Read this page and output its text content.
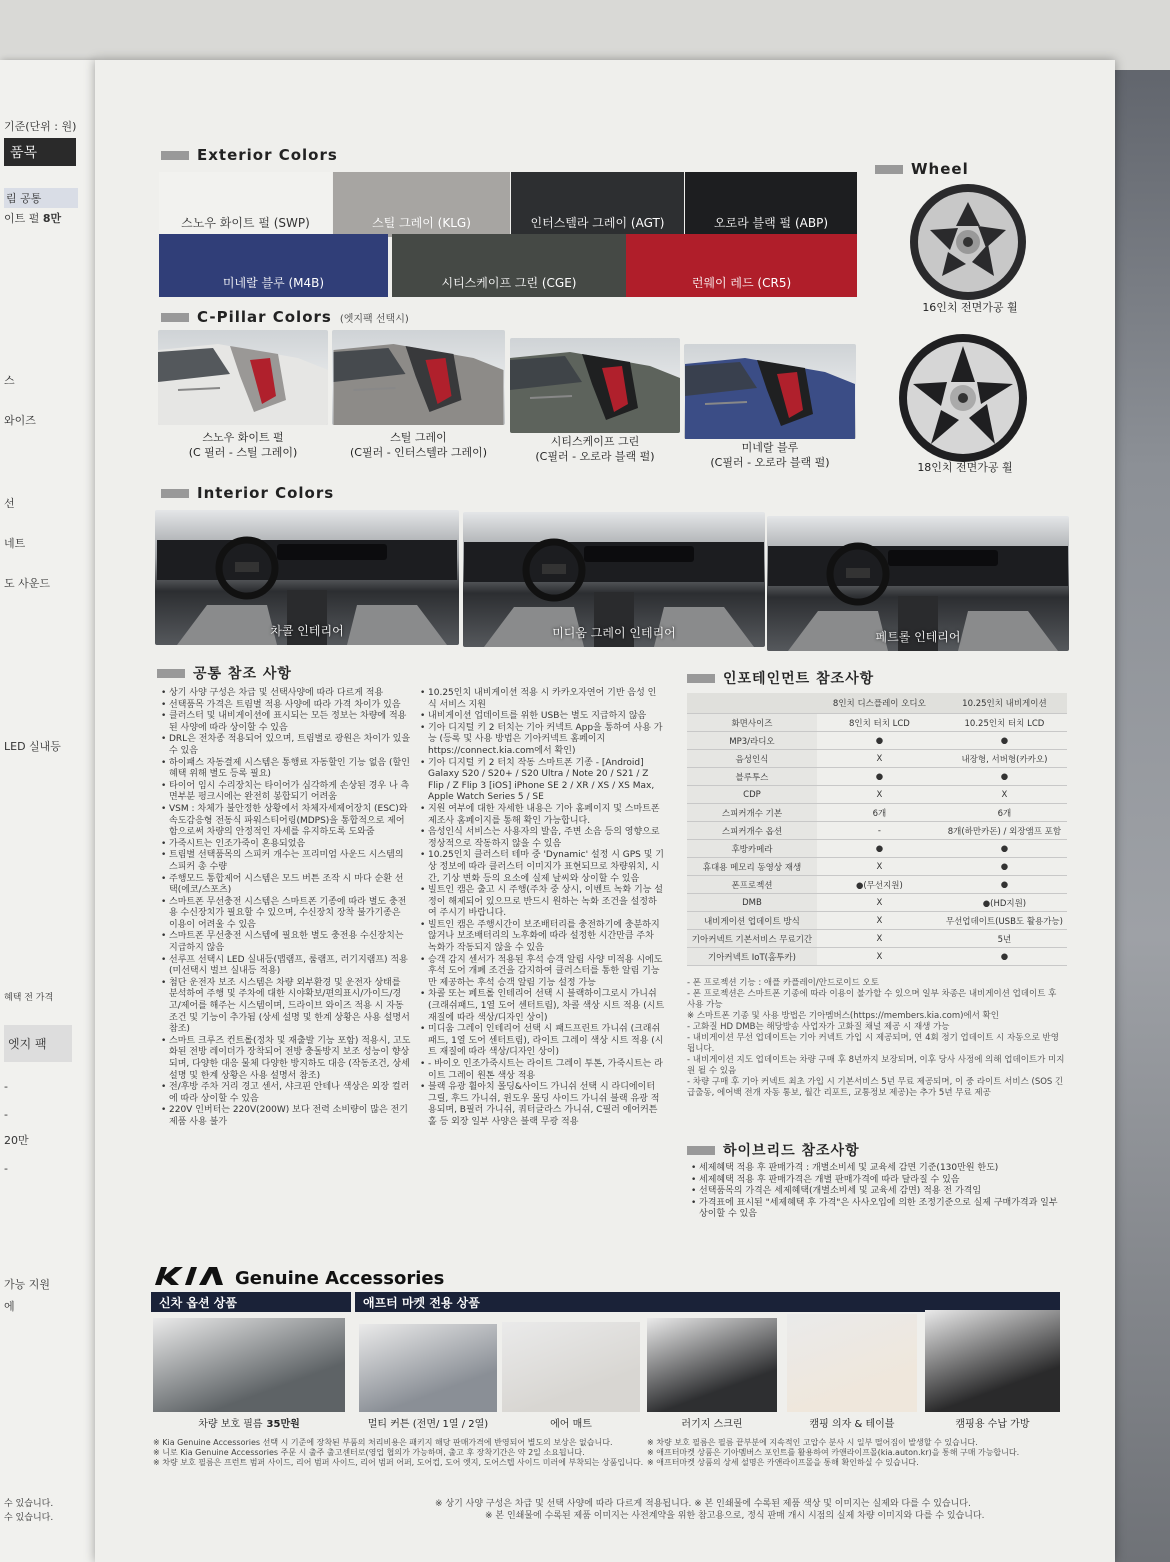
기준(단위 : 원)
품목
림 공통
이트 펄 8만
스
와이즈
선
네트
도 사운드
LED 실내등
혜택 전 가격
엣지 팩
-
-
20만
-
가능 지원
에
수 있습니다.
수 있습니다.
Exterior Colors
스노우 화이트 펄 (SWP)	스틸 그레이 (KLG)	인터스텔라 그레이 (AGT)	오로라 블랙 펄 (ABP)
미네랄 블루 (M4B)	시티스케이프 그린 (CGE)	런웨이 레드 (CR5)
Wheel
16인치 전면가공 휠
18인치 전면가공 휠
C-Pillar Colors (엣지팩 선택시)
스노우 화이트 펄
(C 필러 - 스틸 그레이)
스틸 그레이
(C필러 - 인터스텔라 그레이)
시티스케이프 그린
(C필러 - 오로라 블랙 펄)
미네랄 블루
(C필러 - 오로라 블랙 펄)
Interior Colors
차콜 인테리어	미디움 그레이 인테리어	페트롤 인테리어
공통 참조 사항
• 상기 사양 구성은 차급 및 선택사양에 따라 다르게 적용
• 선택품목 가격은 트림별 적용 사양에 따라 가격 차이가 있음
• 클러스터 및 내비게이션에 표시되는 모든 정보는 차량에 적용된 사양에 따라 상이할 수 있음
• DRL은 전차종 적용되어 있으며, 트림별로 광원은 차이가 있을 수 있음
• 하이패스 자동결제 시스템은 통행료 자동할인 기능 없음 (할인 혜택 위해 별도 등록 필요)
• 타이어 임시 수리장치는 타이어가 심각하게 손상된 경우 나 측면부분 펑크시에는 완전히 봉합되기 어려움
• VSM : 차체가 불안정한 상황에서 차체자세제어장치 (ESC)와 속도감응형 전동식 파워스티어링(MDPS)을 통합적으로 제어함으로써 차량의 안정적인 자세를 유지하도록 도와줌
• 가죽시트는 인조가죽이 혼용되었음
• 트림별 선택품목의 스피커 개수는 프리미엄 사운드 시스템의 스피커 총 수량
• 주행모드 통합제어 시스템은 모드 버튼 조작 시 마다 순환 선택(에코/스포츠)
• 스마트폰 무선충전 시스템은 스마트폰 기종에 따라 별도 충전용 수신장치가 필요할 수 있으며, 수신장치 장착 불가기종은 이용이 어려울 수 있음
• 스마트폰 무선충전 시스템에 필요한 별도 충전용 수신장치는 지급하지 않음
• 선루프 선택시 LED 실내등(맵램프, 룸램프, 러기지램프) 적용(미선택시 벌브 실내등 적용)
• 첨단 운전자 보조 시스템은 차량 외부환경 및 운전자 상태를 분석하여 주행 및 주차에 대한 시야확보/편의표시/가이드/경고/제어를 해주는 시스템이며, 드라이브 와이즈 적용 시 자동 조건 및 기능이 추가됨 (상세 설명 및 한계 상황은 사용 설명서 참조)
• 스마트 크루즈 컨트롤(정차 및 재출발 기능 포함) 적용시, 고도화된 전방 레이더가 장착되어 전방 충돌방지 보조 성능이 향상되며, 다양한 대응 물체 다양한 방지하도 대응 (작동조건, 상세 설명 및 한계 상황은 사용 설명서 참조)
• 전/후방 주차 거리 경고 센서, 샤크핀 안테나 색상은 외장 컬러에 따라 상이할 수 있음
• 220V 인버터는 220V(200W) 보다 전력 소비량이 많은 전기제품 사용 불가
• 10.25인치 내비게이션 적용 시 카카오자연어 기반 음성 인식 서비스 지원
• 내비게이션 업데이트를 위한 USB는 별도 지급하지 않음
• 기아 디지털 키 2 터치는 기아 커넥트 App을 통하여 사용 가능 (등록 및 사용 방법은 기아커넥트 홈페이지 https://connect.kia.com에서 확인)
• 기아 디지털 키 2 터치 작동 스마트폰 기종 - [Android] Galaxy S20 / S20+ / S20 Ultra / Note 20 / S21 / Z Flip / Z Flip 3 [iOS] iPhone SE 2 / XR / XS / XS Max, Apple Watch Series 5 / SE
• 지원 여부에 대한 자세한 내용은 기아 홈페이지 및 스마트폰 제조사 홈페이지를 통해 확인 가능합니다.
• 음성인식 서비스는 사용자의 발음, 주변 소음 등의 영향으로 정상적으로 작동하지 않을 수 있음
• 10.25인치 클러스터 테마 중 'Dynamic' 설정 시 GPS 및 기상 정보에 따라 클러스터 이미지가 표현되므로 차량위치, 시간, 기상 변화 등의 요소에 실제 날씨와 상이할 수 있음
• 빌트인 캠은 출고 시 주행(주차 중 상시, 이벤트 녹화 기능 설정이 해제되어 있으므로 반드시 원하는 녹화 조건을 설정하여 주시기 바랍니다.
• 빌트인 캠은 주행시간이 보조배터리를 충전하기에 충분하지 않거나 보조배터리의 노후화에 따라 설정한 시간만큼 주차 녹화가 작동되지 않을 수 있음
• 승객 감지 센서가 적용된 후석 승객 알림 사양 미적용 시에도 후석 도어 개폐 조건을 감지하여 클러스터를 통한 알림 기능만 제공하는 후석 승객 알림 기능 설정 가능
• 차콜 또는 페트롤 인테리어 선택 시 블랙하이그로시 가니쉬(크래쉬패드, 1열 도어 센터트림), 차콜 색상 시트 적용 (시트 재질에 따라 색상/디자인 상이)
• 미디움 그레이 인테리어 선택 시 패드프린트 가니쉬 (크래쉬패드, 1열 도어 센터트림), 라이트 그레이 색상 시트 적용 (시트 재질에 따라 색상/디자인 상이)
• - 바이오 인조가죽시트는 라이트 그레이 투톤, 가죽시트는 라이트 그레이 원톤 색상 적용
• 블랙 유광 휠아치 몰딩&사이드 가니쉬 선택 시 라디에이터 그릴, 후드 가니쉬, 윈도우 몰딩 사이드 가니쉬 블랙 유광 적용되며, B필러 가니쉬, 쿼터글라스 가니쉬, C필러 에어커튼 홀 등 외장 일부 사양은 블랙 무광 적용
인포테인먼트 참조사항
	8인치 디스플레이 오디오	10.25인치 내비게이션
화면사이즈	8인치 터치 LCD	10.25인치 터치 LCD
MP3/라디오	●	●
음성인식	X	내장형, 서버형(카카오)
블루투스	●	●
CDP	X	X
스피커개수 기본	6개	6개
스피커개수 옵션	-	8개(하만카돈) / 외장앰프 포함
후방카메라	●	●
휴대용 메모리 동영상 재생	X	●
폰프로젝션	●(무선지원)	●
DMB	X	●(HD지원)
내비게이션 업데이트 방식	X	무선업데이트(USB도 활용가능)
기아커넥트 기본서비스 무료기간	X	5년
기아커넥트 IoT(홈투카)	X	●
- 폰 프로젝션 기능 : 애플 카플레이/안드로이드 오토
- 폰 프로젝션은 스마트폰 기종에 따라 이용이 불가할 수 있으며 일부 차종은 내비게이션 업데이트 후 사용 가능
※ 스마트폰 기종 및 사용 방법은 기아멤버스(https://members.kia.com)에서 확인
- 고화질 HD DMB는 해당방송 사업자가 고화질 채널 제공 시 재생 가능
- 내비게이션 무선 업데이트는 기아 커넥트 가입 시 제공되며, 연 4회 정기 업데이트 시 자동으로 반영됩니다.
- 내비게이션 지도 업데이트는 차량 구매 후 8년까지 보장되며, 이후 당사 사정에 의해 업데이트가 미지원 될 수 있음
- 차량 구매 후 기아 커넥트 최초 가입 시 기본서비스 5년 무료 제공되며, 이 중 라이트 서비스 (SOS 긴급출동, 에어백 전개 자동 통보, 월간 리포트, 교통정보 제공)는 추가 5년 무료 제공
하이브리드 참조사항
• 세제혜택 적용 후 판매가격 : 개별소비세 및 교육세 감면 기준(130만원 한도)
• 세제혜택 적용 후 판매가격은 개별 판매가격에 따라 달라질 수 있음
• 선택품목의 가격은 세제혜택(개별소비세 및 교육세 감면) 적용 전 가격임
• 가격표에 표시된 "세제혜택 후 가격"은 사사오입에 의한 조정기준으로 실제 구매가격과 일부 상이할 수 있음
Genuine Accessories
신차 옵션 상품	애프터 마켓 전용 상품
차량 보호 필름 35만원	멀티 커튼 (전면/ 1열 / 2열)	에어 매트	러기지 스크린	캠핑 의자 & 테이블	캠핑용 수납 가방
※ Kia Genuine Accessories 선택 시 기준에 장착된 부품의 처리비용은 패키지 해당 판매가격에 반영되어 별도의 보상은 없습니다.
※ 니로 Kia Genuine Accessories 주문 시 출주 출고센터로(영업 협의가 가능하며, 출고 후 장착기간은 약 2일 소요됩니다.
※ 차량 보호 필름은 프런트 범퍼 사이드, 리어 범퍼 사이드, 리어 범퍼 어퍼, 도어컵, 도어 엣지, 도어스텝 사이드 미러에 부착되는 상품입니다.
※ 차량 보호 필름은 필름 끝부분에 지속적인 고압수 분사 시 일부 떨어짐이 발생할 수 있습니다.
※ 애프터마켓 상품은 기아멤버스 포인트를 활용하여 카앤라이프몰(kia.auton.kr)을 통해 구매 가능합니다.
※ 애프터마켓 상품의 상세 설명은 카앤라이프몰을 통해 확인하실 수 있습니다.
※ 상기 사양 구성은 차급 및 선택 사양에 따라 다르게 적용됩니다. ※ 본 인쇄물에 수록된 제품 색상 및 이미지는 실제와 다를 수 있습니다.
※ 본 인쇄물에 수록된 제품 이미지는 사전계약을 위한 참고용으로, 정식 판매 개시 시점의 실제 차량 이미지와 다를 수 있습니다.
